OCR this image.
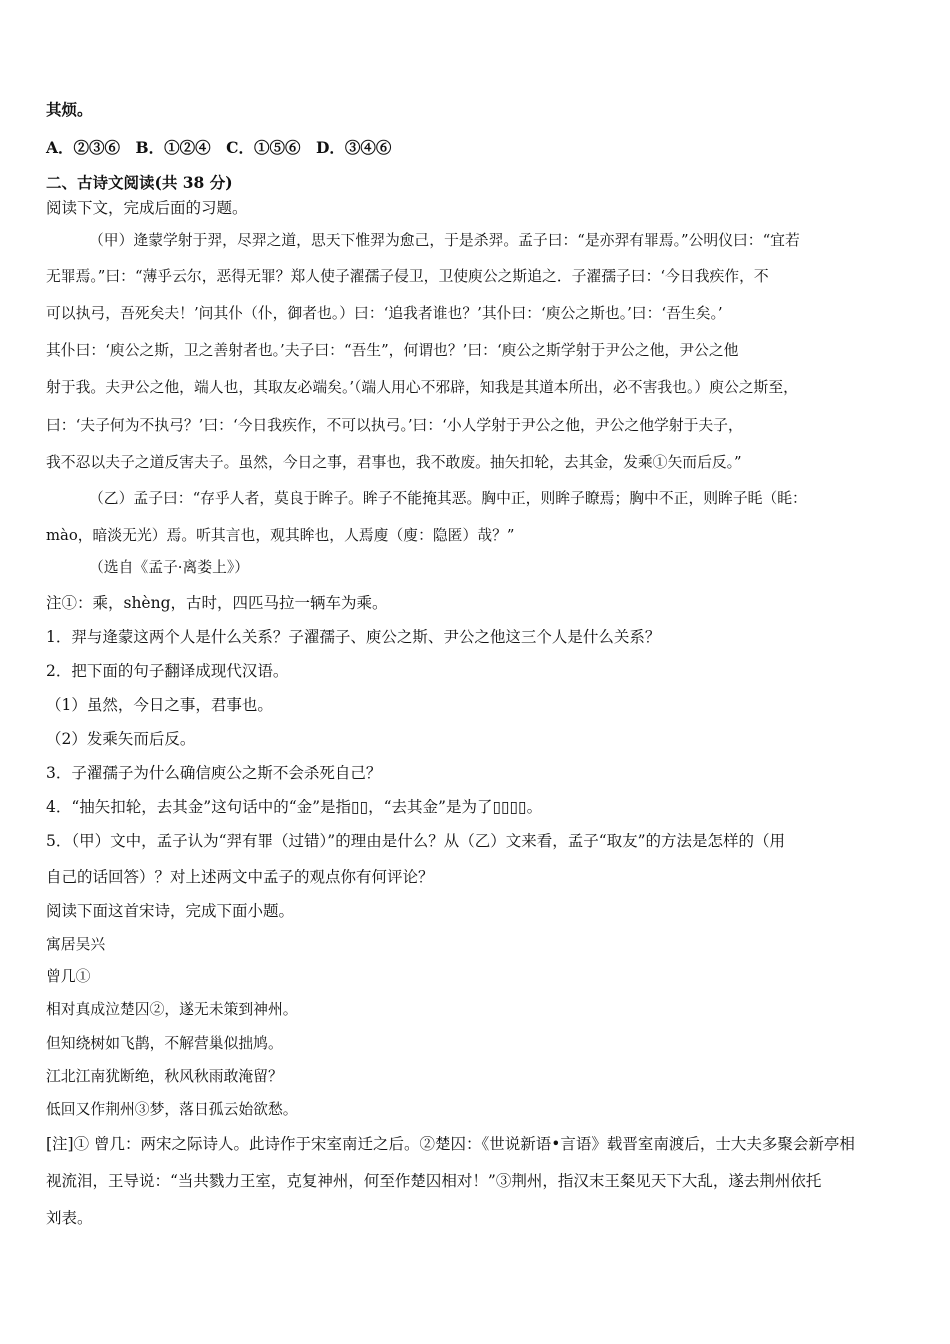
其烦。

A．②③⑥　B．①②④　C．①⑤⑥　D．③④⑥

二、古诗文阅读(共 38 分)

阅读下文，完成后面的习题。

（甲）逄蒙学射于羿，尽羿之道，思天下惟羿为愈己，于是杀羿。孟子曰：“是亦羿有罪焉。”公明仪曰：“宜若

无罪焉。”曰：“薄乎云尔，恶得无罪？郑人使子濯孺子侵卫，卫使庾公之斯追之．子濯孺子曰：‘今日我疾作，不

可以执弓，吾死矣夫！’问其仆（仆，御者也。）曰：‘追我者谁也？’其仆曰：‘庾公之斯也。’曰：‘吾生矣。’

其仆曰：‘庾公之斯，卫之善射者也。’夫子曰：“吾生”，何谓也？’曰：‘庾公之斯学射于尹公之他，尹公之他

射于我。夫尹公之他，端人也，其取友必端矣。’（端人用心不邪辟，知我是其道本所出，必不害我也。）庾公之斯至，

曰：‘夫子何为不执弓？’曰：‘今日我疾作，不可以执弓。’曰：‘小人学射于尹公之他，尹公之他学射于夫子，

我不忍以夫子之道反害夫子。虽然，今日之事，君事也，我不敢废。抽矢扣轮，去其金，发乘①矢而后反。”

（乙）孟子曰：“存乎人者，莫良于眸子。眸子不能掩其恶。胸中正，则眸子瞭焉；胸中不正，则眸子眊（眊：

mào，暗淡无光）焉。听其言也，观其眸也，人焉廋（廋：隐匿）哉？”

（选自《孟子·离娄上》）

注①：乘，shèng，古时，四匹马拉一辆车为乘。

1．羿与逄蒙这两个人是什么关系？子濯孺子、庾公之斯、尹公之他这三个人是什么关系？

2．把下面的句子翻译成现代汉语。

（1）虽然，今日之事，君事也。

（2）发乘矢而后反。

3．子濯孺子为什么确信庾公之斯不会杀死自己？

4．“抽矢扣轮，去其金”这句话中的“金”是指▯▯，“去其金”是为了▯▯▯▯。

5．（甲）文中，孟子认为“羿有罪（过错）”的理由是什么？从（乙）文来看，孟子“取友”的方法是怎样的（用

自己的话回答）？对上述两文中孟子的观点你有何评论？

阅读下面这首宋诗，完成下面小题。

寓居吴兴

曾几①

相对真成泣楚囚②，遂无未策到神州。

但知绕树如飞鹊，不解营巢似拙鸠。

江北江南犹断绝，秋风秋雨敢淹留？

低回又作荆州③梦，落日孤云始欲愁。

[注]① 曾几：两宋之际诗人。此诗作于宋室南迁之后。②楚囚：《世说新语•言语》载晋室南渡后，士大夫多聚会新亭相

视流泪，王导说：“当共戮力王室，克复神州，何至作楚囚相对！”③荆州，指汉末王粲见天下大乱，遂去荆州依托

刘表。
